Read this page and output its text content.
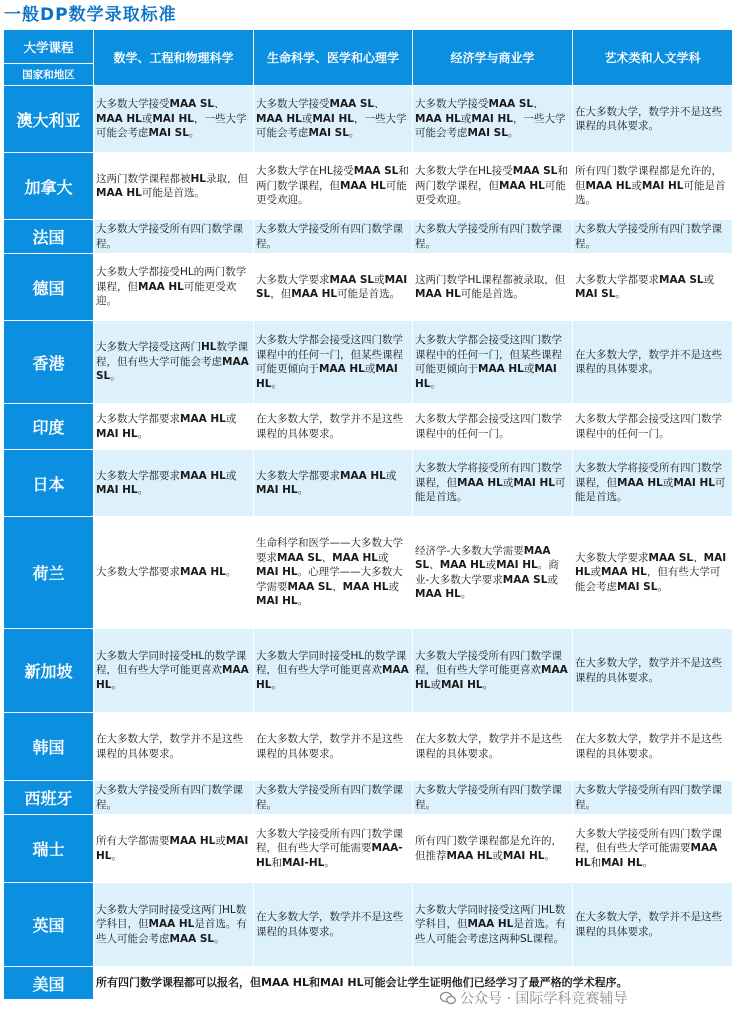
一般DP数学录取标准
大学课程	数学、工程和物理科学	生命科学、医学和心理学	经济学与商业学	艺术类和人文学科
国家和地区				
澳大利亚	大多数大学接受MAA SL、MAA HL或MAI HL，一些大学可能会考虑MAI SL。	大多数大学接受MAA SL、MAA HL或MAI HL，一些大学可能会考虑MAI SL。	大多数大学接受MAA SL、MAA HL或MAI HL，一些大学可能会考虑MAI SL。	在大多数大学，数学并不是这些课程的具体要求。
加拿大	这两门数学课程都被HL录取，但MAA HL可能是首选。	大多数大学在HL接受MAA SL和两门数学课程，但MAA HL可能更受欢迎。	大多数大学在HL接受MAA SL和两门数学课程，但MAA HL可能更受欢迎。	所有四门数学课程都是允许的，但MAA HL或MAI HL可能是首选。
法国	大多数大学接受所有四门数学课程。	大多数大学接受所有四门数学课程。	大多数大学接受所有四门数学课程。	大多数大学接受所有四门数学课程。
德国	大多数大学都接受HL的两门数学课程，但MAA HL可能更受欢迎。	大多数大学要求MAA SL或MAI SL，但MAA HL可能是首选。	这两门数学HL课程都被录取，但MAA HL可能是首选。	大多数大学都要求MAA SL或MAI SL。
香港	大多数大学接受这两门HL数学课程，但有些大学可能会考虑MAA SL。	大多数大学都会接受这四门数学课程中的任何一门，但某些课程可能更倾向于MAA HL或MAI HL。	大多数大学都会接受这四门数学课程中的任何一门，但某些课程可能更倾向于MAA HL或MAI HL。	在大多数大学，数学并不是这些课程的具体要求。
印度	大多数大学都要求MAA HL或MAI HL。	在大多数大学，数学并不是这些课程的具体要求。	大多数大学都会接受这四门数学课程中的任何一门。	大多数大学都会接受这四门数学课程中的任何一门。
日本	大多数大学都要求MAA HL或MAI HL。	大多数大学都要求MAA HL或MAI HL。	大多数大学将接受所有四门数学课程，但MAA HL或MAI HL可能是首选。	大多数大学将接受所有四门数学课程，但MAA HL或MAI HL可能是首选。
荷兰	大多数大学都要求MAA HL。	生命科学和医学——大多数大学要求MAA SL、MAA HL或MAI HL。心理学——大多数大学需要MAA SL、MAA HL或MAI HL。	经济学-大多数大学需要MAA SL、MAA HL或MAI HL。商业-大多数大学要求MAA SL或MAA HL。	大多数大学要求MAA SL、MAI HL或MAA HL，但有些大学可能会考虑MAI SL。
新加坡	大多数大学同时接受HL的数学课程，但有些大学可能更喜欢MAA HL。	大多数大学同时接受HL的数学课程，但有些大学可能更喜欢MAA HL。	大多数大学接受所有四门数学课程，但有些大学可能更喜欢MAA HL或MAI HL。	在大多数大学，数学并不是这些课程的具体要求。
韩国	在大多数大学，数学并不是这些课程的具体要求。	在大多数大学，数学并不是这些课程的具体要求。	在大多数大学，数学并不是这些课程的具体要求。	在大多数大学，数学并不是这些课程的具体要求。
西班牙	大多数大学接受所有四门数学课程。	大多数大学接受所有四门数学课程。	大多数大学接受所有四门数学课程。	大多数大学接受所有四门数学课程。
瑞士	所有大学都需要MAA HL或MAI HL。	大多数大学接受所有四门数学课程，但有些大学可能需要MAA-HL和MAI-HL。	所有四门数学课程都是允许的，但推荐MAA HL或MAI HL。	大多数大学接受所有四门数学课程，但有些大学可能需要MAA HL和MAI HL。
英国	大多数大学同时接受这两门HL数学科目，但MAA HL是首选。有些人可能会考虑MAA SL。	在大多数大学，数学并不是这些课程的具体要求。	大多数大学同时接受这两门HL数学科目，但MAA HL是首选。有些人可能会考虑这两种SL课程。	在大多数大学，数学并不是这些课程的具体要求。
美国	所有四门数学课程都可以报名，但MAA HL和MAI HL可能会让学生证明他们已经学习了最严格的学术程序。			
公众号 · 国际学科竞赛辅导
